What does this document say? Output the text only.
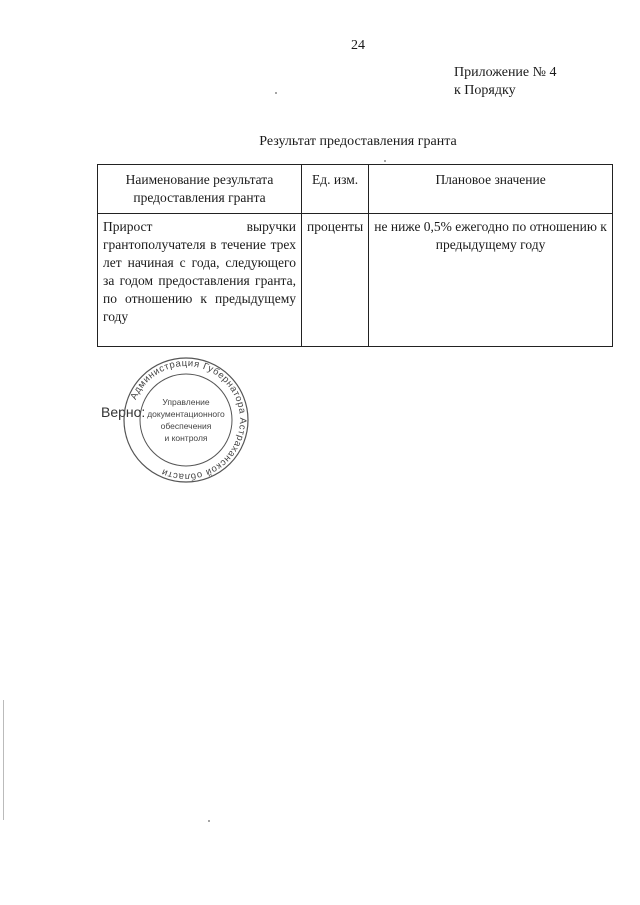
24
Приложение № 4
к Порядку
Результат предоставления гранта
Наименование результата предоставления гранта	Ед. изм.	Плановое значение
Прирост выручки грантополучателя в течение трех лет начиная с года, следующего за годом предоставления гранта, по отношению к предыдущему году	проценты	не ниже 0,5% ежегодно по отношению к предыдущему году
Верно:
Администрация Губернатора Астраханской области
Управление
документационного
обеспечения
и контроля
